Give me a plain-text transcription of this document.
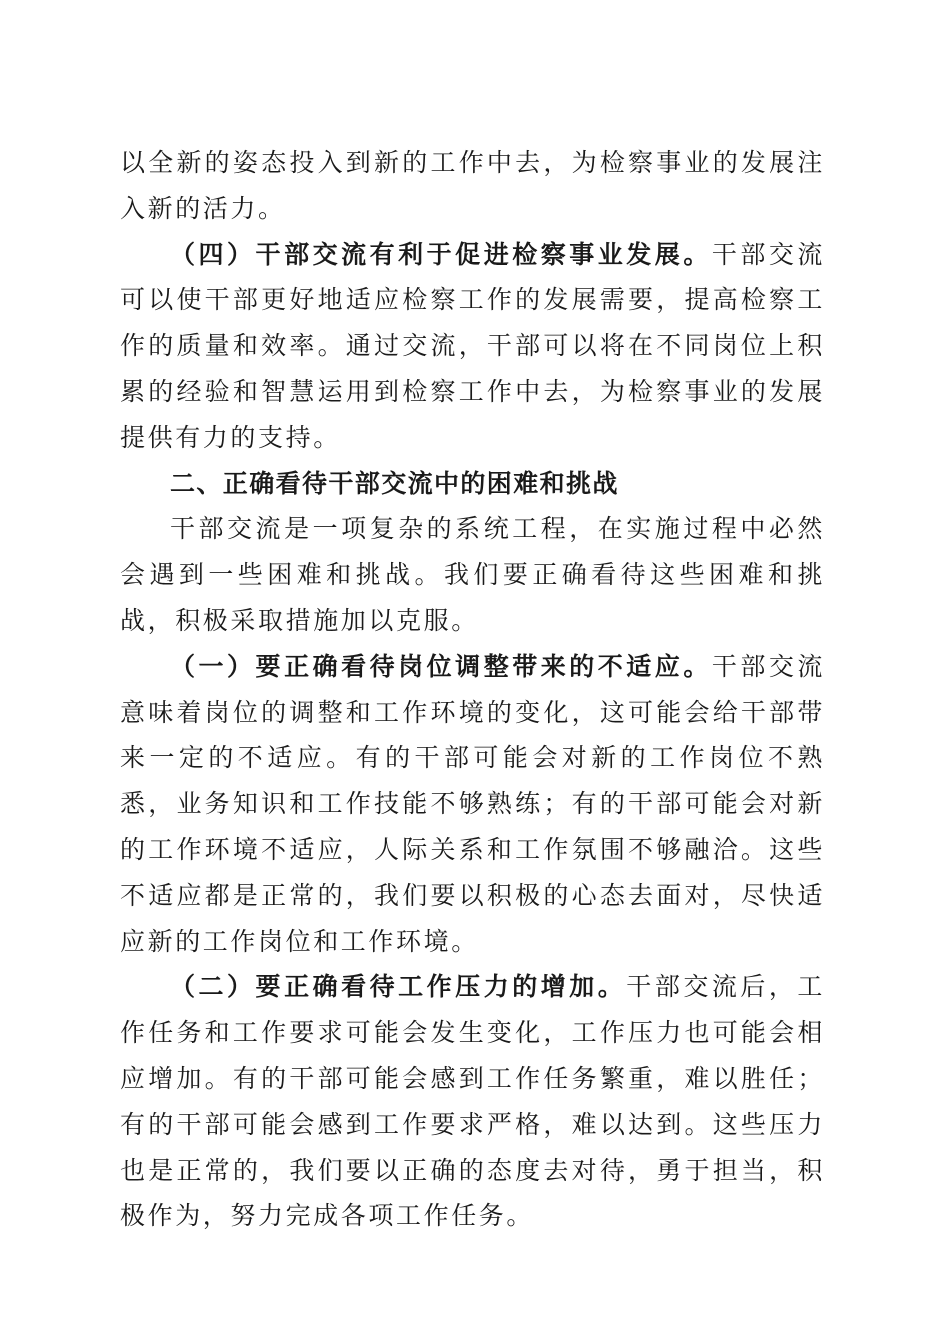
以全新的姿态投入到新的工作中去，为检察事业的发展注入新的活力。

（四）干部交流有利于促进检察事业发展。干部交流可以使干部更好地适应检察工作的发展需要，提高检察工作的质量和效率。通过交流，干部可以将在不同岗位上积累的经验和智慧运用到检察工作中去，为检察事业的发展提供有力的支持。

二、正确看待干部交流中的困难和挑战

干部交流是一项复杂的系统工程，在实施过程中必然会遇到一些困难和挑战。我们要正确看待这些困难和挑战，积极采取措施加以克服。

（一）要正确看待岗位调整带来的不适应。干部交流意味着岗位的调整和工作环境的变化，这可能会给干部带来一定的不适应。有的干部可能会对新的工作岗位不熟悉，业务知识和工作技能不够熟练；有的干部可能会对新的工作环境不适应，人际关系和工作氛围不够融洽。这些不适应都是正常的，我们要以积极的心态去面对，尽快适应新的工作岗位和工作环境。

（二）要正确看待工作压力的增加。干部交流后，工作任务和工作要求可能会发生变化，工作压力也可能会相应增加。有的干部可能会感到工作任务繁重，难以胜任；有的干部可能会感到工作要求严格，难以达到。这些压力也是正常的，我们要以正确的态度去对待，勇于担当，积极作为，努力完成各项工作任务。
